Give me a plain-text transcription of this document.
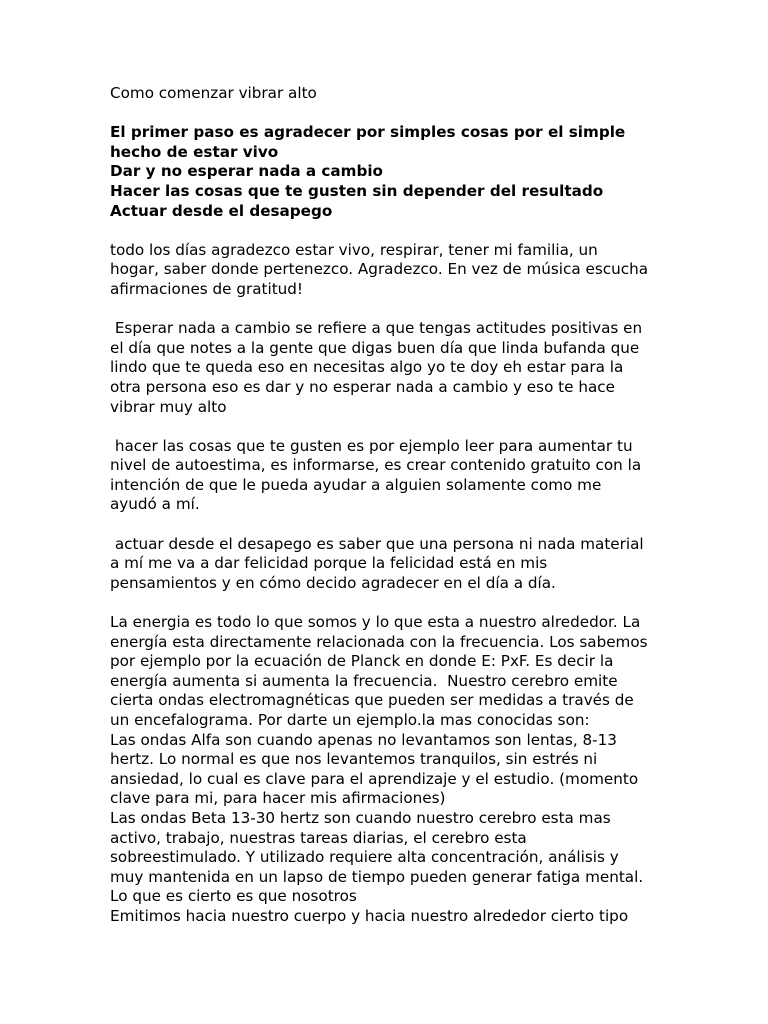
Como comenzar vibrar alto
El primer paso es agradecer por simples cosas por el simple
hecho de estar vivo
Dar y no esperar nada a cambio
Hacer las cosas que te gusten sin depender del resultado
Actuar desde el desapego
todo los días agradezco estar vivo, respirar, tener mi familia, un
hogar, saber donde pertenezco. Agradezco. En vez de música escucha
afirmaciones de gratitud!
Esperar nada a cambio se refiere a que tengas actitudes positivas en
el día que notes a la gente que digas buen día que linda bufanda que
lindo que te queda eso en necesitas algo yo te doy eh estar para la
otra persona eso es dar y no esperar nada a cambio y eso te hace
vibrar muy alto
hacer las cosas que te gusten es por ejemplo leer para aumentar tu
nivel de autoestima, es informarse, es crear contenido gratuito con la
intención de que le pueda ayudar a alguien solamente como me
ayudó a mí.
actuar desde el desapego es saber que una persona ni nada material
a mí me va a dar felicidad porque la felicidad está en mis
pensamientos y en cómo decido agradecer en el día a día.
La energia es todo lo que somos y lo que esta a nuestro alrededor. La
energía esta directamente relacionada con la frecuencia. Los sabemos
por ejemplo por la ecuación de Planck en donde E: PxF. Es decir la
energía aumenta si aumenta la frecuencia.  Nuestro cerebro emite
cierta ondas electromagnéticas que pueden ser medidas a través de
un encefalograma. Por darte un ejemplo.la mas conocidas son:
Las ondas Alfa son cuando apenas no levantamos son lentas, 8-13
hertz. Lo normal es que nos levantemos tranquilos, sin estrés ni
ansiedad, lo cual es clave para el aprendizaje y el estudio. (momento
clave para mi, para hacer mis afirmaciones)
Las ondas Beta 13-30 hertz son cuando nuestro cerebro esta mas
activo, trabajo, nuestras tareas diarias, el cerebro esta
sobreestimulado. Y utilizado requiere alta concentración, análisis y
muy mantenida en un lapso de tiempo pueden generar fatiga mental.
Lo que es cierto es que nosotros
Emitimos hacia nuestro cuerpo y hacia nuestro alrededor cierto tipo
